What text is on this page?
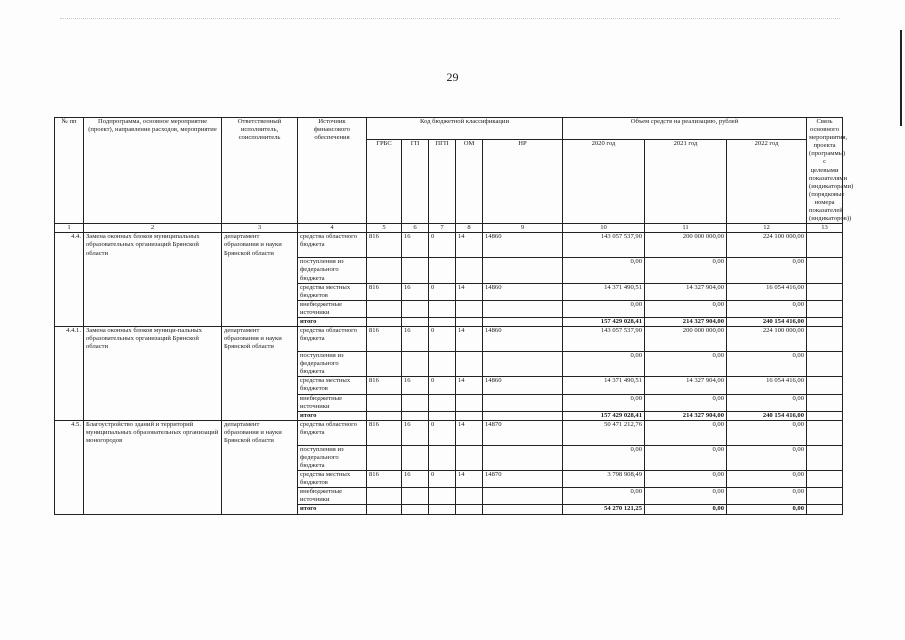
29
№ пп	Подпрограмма, основное мероприятие (проект), направление расходов, мероприятие	Ответственный исполнитель, соисполнитель	Источник финансового обеспечения	Код бюджетной классификации					Объем средств на реализацию, рублей			Связь основного мероприятия, проекта (программы) с целевыми показателями (индикаторами) (порядковые номера показателей (индикаторов))
				ГРБС	ГП	ПГП	ОМ	НР	2020 год	2021 год	2022 год	
1	2	3	4	5	6	7	8	9	10	11	12	13
4.4.	Замена оконных блоков муниципальных образовательных организаций Брянской области	департамент образования и науки Брянской области	средства областного бюджета	816	16	0	14	14860	143 057 537,90	200 000 000,00	224 100 000,00	
			поступления из федерального бюджета						0,00	0,00	0,00	
			средства местных бюджетов	816	16	0	14	14860	14 371 490,51	14 327 904,00	16 054 416,00	
			внебюджетные источники						0,00	0,00	0,00	
			итого						157 429 028,41	214 327 904,00	240 154 416,00	
4.4.1.	Замена оконных блоков муници-пальных образовательных организаций Брянской области	департамент образования и науки Брянской области	средства областного бюджета	816	16	0	14	14860	143 057 537,90	200 000 000,00	224 100 000,00	
			поступления из федерального бюджета						0,00	0,00	0,00	
			средства местных бюджетов	816	16	0	14	14860	14 371 490,51	14 327 904,00	16 054 416,00	
			внебюджетные источники						0,00	0,00	0,00	
			итого						157 429 028,41	214 327 904,00	240 154 416,00	
4.5.	Благоустройство зданий и территорий муниципальных образовательных организаций моногородов	департамент образования и науки Брянской области	средства областного бюджета	816	16	0	14	14870	50 471 212,76	0,00	0,00	
			поступления из федерального бюджета						0,00	0,00	0,00	
			средства местных бюджетов	816	16	0	14	14870	3 798 908,49	0,00	0,00	
			внебюджетные источники						0,00	0,00	0,00	
			итого						54 270 121,25	0,00	0,00	
